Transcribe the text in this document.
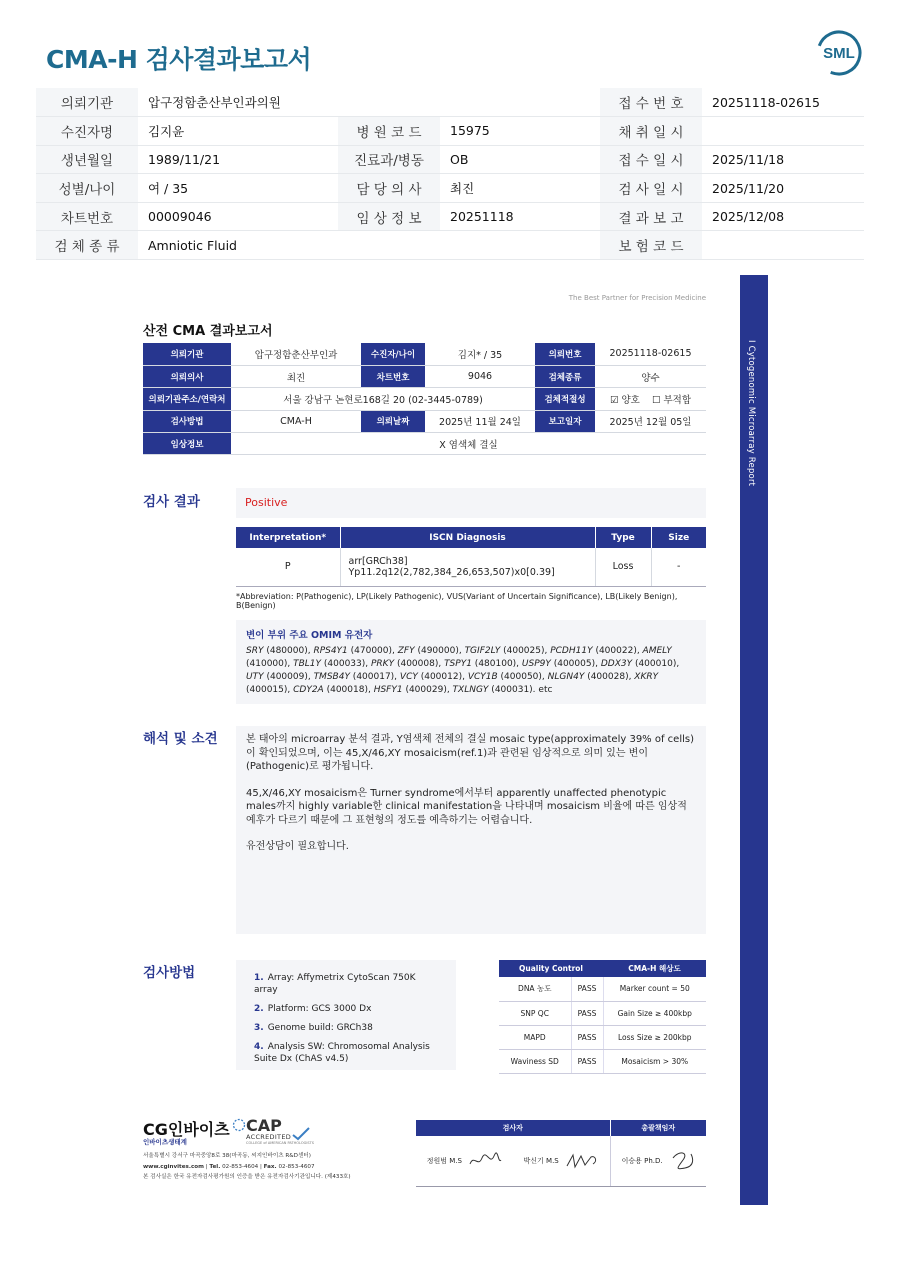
CMA-H 검사결과보고서	SML
의뢰기관	압구정함춘산부인과의원			접 수 번 호	20251118-02615
수진자명	김지윤	병 원 코 드	15975	채 취 일 시	
생년월일	1989/11/21	진료과/병동	OB	접 수 일 시	2025/11/18
성별/나이	여 / 35	담 당 의 사	최진	검 사 일 시	2025/11/20
차트번호	00009046	임 상 정 보	20251118	결 과 보 고	2025/12/08
검 체 종 류	Amniotic Fluid			보 험 코 드	
I Cytogenomic Microarray Report
The Best Partner for Precision Medicine
산전 CMA 결과보고서
의뢰기관	압구정함춘산부인과	수진자/나이	김지* / 35	의뢰번호	20251118-02615
의뢰의사	최진	차트번호	9046	검체종류	양수
의뢰기관주소/연락처	서울 강남구 논현로168길 20 (02-3445-0789)			검체적절성	☑ 양호 ☐ 부적합
검사방법	CMA-H	의뢰날짜	2025년 11월 24일	보고일자	2025년 12월 05일
임상정보	X 염색체 결실				
검사 결과	Positive
Interpretation*	ISCN Diagnosis	Type	Size
P	arr[GRCh38] Yp11.2q12(2,782,384_26,653,507)x0[0.39]	Loss	-
*Abbreviation: P(Pathogenic), LP(Likely Pathogenic), VUS(Variant of Uncertain Significance), LB(Likely Benign), B(Benign)
변이 부위 주요 OMIM 유전자
SRY (480000), RPS4Y1 (470000), ZFY (490000), TGIF2LY (400025), PCDH11Y (400022), AMELY (410000), TBL1Y (400033), PRKY (400008), TSPY1 (480100), USP9Y (400005), DDX3Y (400010), UTY (400009), TMSB4Y (400017), VCY (400012), VCY1B (400050), NLGN4Y (400028), XKRY (400015), CDY2A (400018), HSFY1 (400029), TXLNGY (400031). etc
해석 및 소견	본 태아의 microarray 분석 결과, Y염색체 전체의 결실 mosaic type(approximately 39% of cells)이 확인되었으며, 이는 45,X/46,XY mosaicism(ref.1)과 관련된 임상적으로 의미 있는 변이(Pathogenic)로 평가됩니다.

45,X/46,XY mosaicism은 Turner syndrome에서부터 apparently unaffected phenotypic males까지 highly variable한 clinical manifestation을 나타내며 mosaicism 비율에 따른 임상적 예후가 다르기 때문에 그 표현형의 정도를 예측하기는 어렵습니다.

유전상담이 필요합니다.

검사방법	1. Array: Affymetrix CytoScan 750K array
2. Platform: GCS 3000 Dx
3. Genome build: GRCh38
4. Analysis SW: Chromosomal Analysis Suite Dx (ChAS v4.5)
Quality Control		CMA-H 해상도
DNA 농도	PASS	Marker count = 50
SNP QC	PASS	Gain Size ≥ 400kbp
MAPD	PASS	Loss Size ≥ 200kbp
Waviness SD	PASS	Mosaicism > 30%
CG인바이츠
인바이츠생태계
CAP
ACCREDITED
COLLEGE of AMERICAN PATHOLOGISTS
서울특별시 강서구 마곡중앙8로 38(마곡동, 씨지인바이츠 R&D센터)
www.cginvites.com | Tel. 02-853-4604 | Fax. 02-853-4607
본 검사실은 한국 유전자검사평가원의 인증을 받은 유전자검사기관입니다. (제433호)
검사자		총괄책임자
정원범 M.S	박신기 M.S	이승용 Ph.D.
